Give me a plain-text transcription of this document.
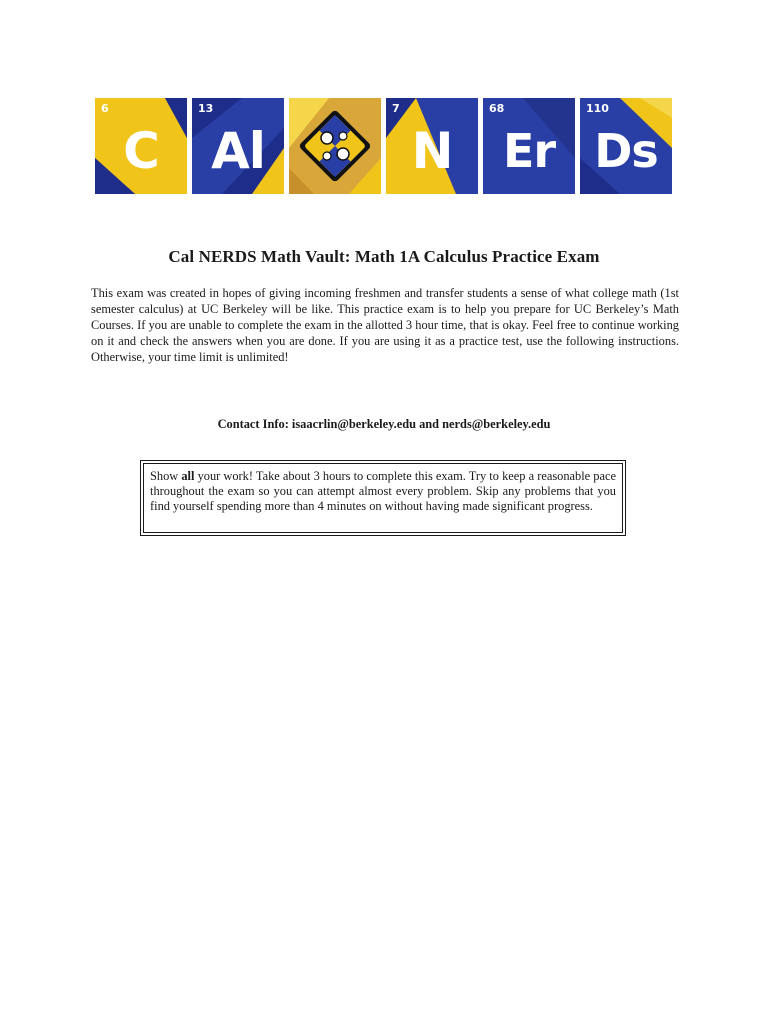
6
C
13
Al
7
N
68
Er
110
Ds
Cal NERDS Math Vault: Math 1A Calculus Practice Exam

This exam was created in hopes of giving incoming freshmen and transfer students a sense of what college math (1st semester calculus) at UC Berkeley will be like. This practice exam is to help you prepare for UC Berkeley’s Math Courses. If you are unable to complete the exam in the allotted 3 hour time, that is okay. Feel free to continue working on it and check the answers when you are done. If you are using it as a practice test, use the following instructions. Otherwise, your time limit is unlimited!

Contact Info: isaacrlin@berkeley.edu and nerds@berkeley.edu

Show all your work! Take about 3 hours to complete this exam. Try to keep a reasonable pace throughout the exam so you can attempt almost every problem. Skip any problems that you find yourself spending more than 4 minutes on without having made significant progress.
